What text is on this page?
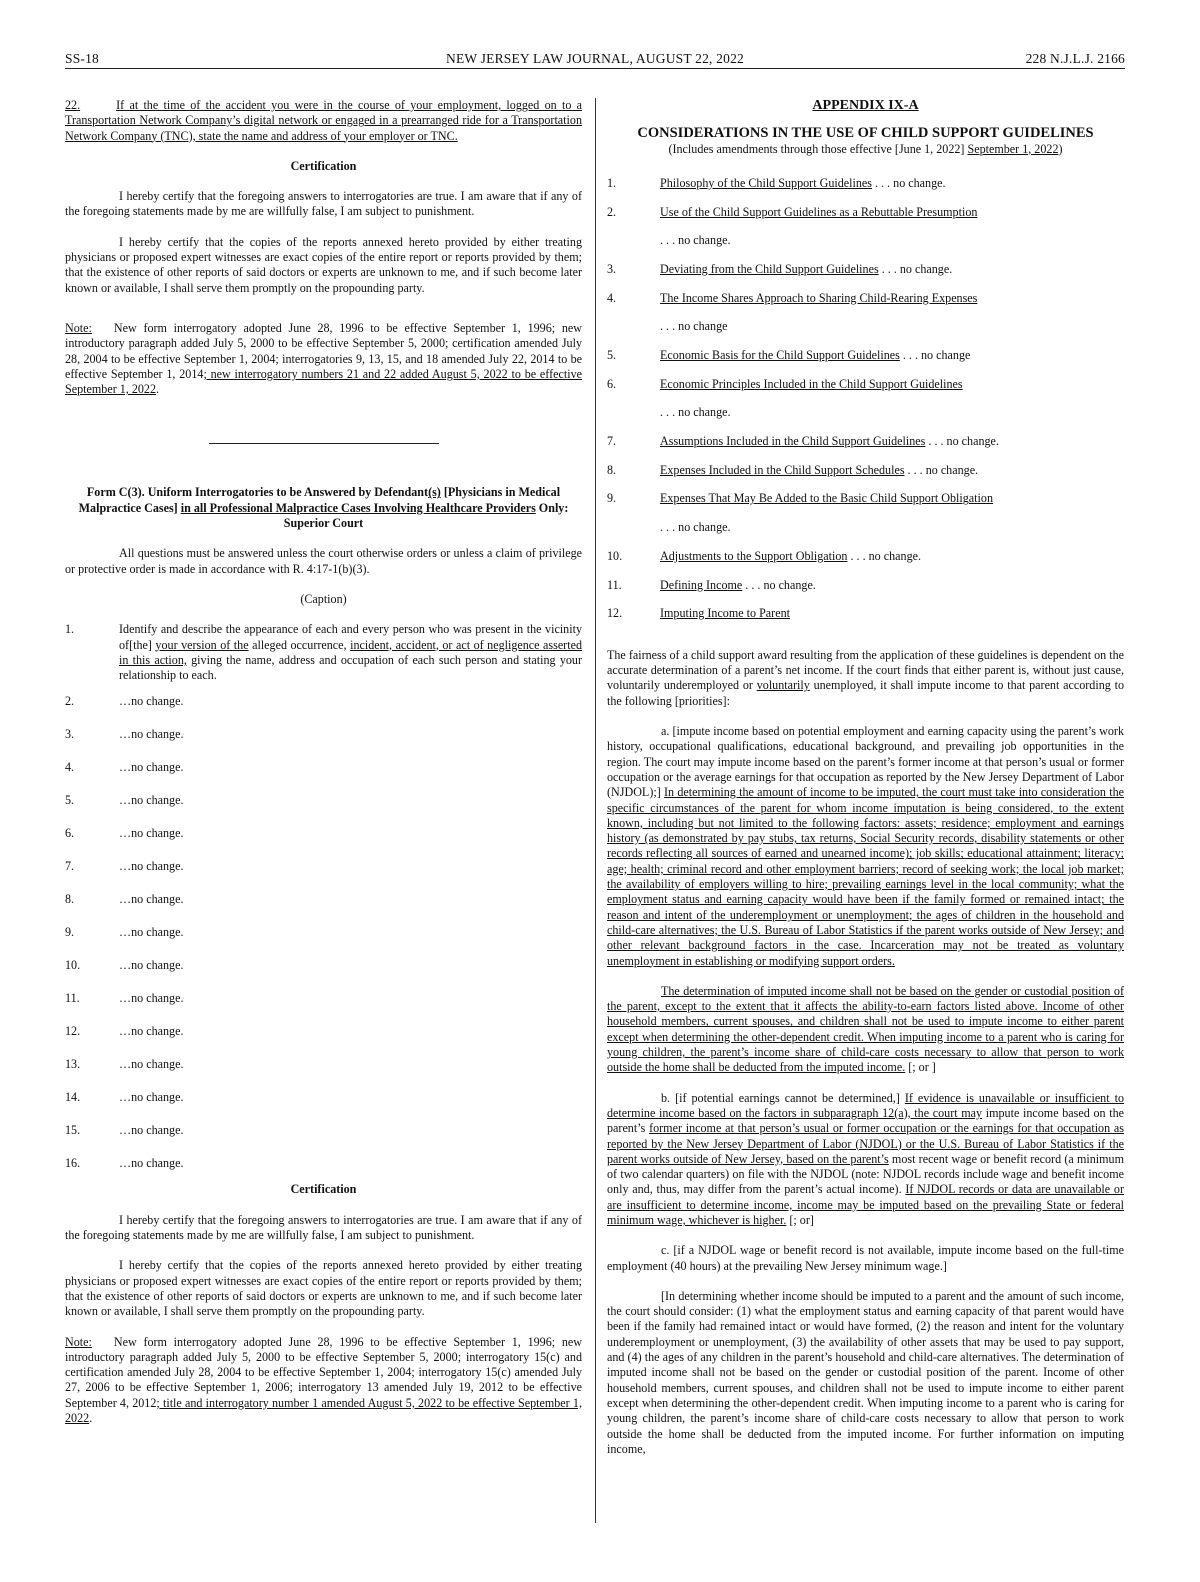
SS-18	NEW JERSEY LAW JOURNAL, AUGUST 22, 2022	228 N.J.L.J. 2166

22.	If at the time of the accident you were in the course of your employment, logged on to a Transportation Network Company’s digital network or engaged in a prearranged ride for a Transportation Network Company (TNC), state the name and address of your employer or TNC.

Certification

I hereby certify that the foregoing answers to interrogatories are true. I am aware that if any of the foregoing statements made by me are willfully false, I am subject to punishment.

I hereby certify that the copies of the reports annexed hereto provided by either treating physicians or proposed expert witnesses are exact copies of the entire report or reports provided by them; that the existence of other reports of said doctors or experts are unknown to me, and if such become later known or available, I shall serve them promptly on the propounding party.

Note: New form interrogatory adopted June 28, 1996 to be effective September 1, 1996; new introductory paragraph added July 5, 2000 to be effective September 5, 2000; certification amended July 28, 2004 to be effective September 1, 2004; interrogatories 9, 13, 15, and 18 amended July 22, 2014 to be effective September 1, 2014; new interrogatory numbers 21 and 22 added August 5, 2022 to be effective September 1, 2022.

Form C(3). Uniform Interrogatories to be Answered by Defendant(s) [Physicians in Medical Malpractice Cases] in all Professional Malpractice Cases Involving Healthcare Providers Only: Superior Court

All questions must be answered unless the court otherwise orders or unless a claim of privilege or protective order is made in accordance with R. 4:17-1(b)(3).

(Caption)

1.	Identify and describe the appearance of each and every person who was present in the vicinity of[the] your version of the alleged occurrence, incident, accident, or act of negligence asserted in this action, giving the name, address and occupation of each such person and stating your relationship to each.
2.	…no change.
3.	…no change.
4.	…no change.
5.	…no change.
6.	…no change.
7.	…no change.
8.	…no change.
9.	…no change.
10.	…no change.
11.	…no change.
12.	…no change.
13.	…no change.
14.	…no change.
15.	…no change.
16.	…no change.

Certification

I hereby certify that the foregoing answers to interrogatories are true. I am aware that if any of the foregoing statements made by me are willfully false, I am subject to punishment.

I hereby certify that the copies of the reports annexed hereto provided by either treating physicians or proposed expert witnesses are exact copies of the entire report or reports provided by them; that the existence of other reports of said doctors or experts are unknown to me, and if such become later known or available, I shall serve them promptly on the propounding party.

Note: New form interrogatory adopted June 28, 1996 to be effective September 1, 1996; new introductory paragraph added July 5, 2000 to be effective September 5, 2000; interrogatory 15(c) and certification amended July 28, 2004 to be effective September 1, 2004; interrogatory 15(c) amended July 27, 2006 to be effective September 1, 2006; interrogatory 13 amended July 19, 2012 to be effective September 4, 2012; title and interrogatory number 1 amended August 5, 2022 to be effective September 1, 2022.

APPENDIX IX-A

CONSIDERATIONS IN THE USE OF CHILD SUPPORT GUIDELINES

(Includes amendments through those effective [June 1, 2022] September 1, 2022)

1.	Philosophy of the Child Support Guidelines . . . no change.
2.	Use of the Child Support Guidelines as a Rebuttable Presumption
. . . no change.
3.	Deviating from the Child Support Guidelines . . . no change.
4.	The Income Shares Approach to Sharing Child-Rearing Expenses
. . . no change
5.	Economic Basis for the Child Support Guidelines . . . no change
6.	Economic Principles Included in the Child Support Guidelines
. . . no change.
7.	Assumptions Included in the Child Support Guidelines . . . no change.
8.	Expenses Included in the Child Support Schedules . . . no change.
9.	Expenses That May Be Added to the Basic Child Support Obligation
. . . no change.
10.	Adjustments to the Support Obligation . . . no change.
11.	Defining Income . . . no change.
12.	Imputing Income to Parent

The fairness of a child support award resulting from the application of these guidelines is dependent on the accurate determination of a parent’s net income. If the court finds that either parent is, without just cause, voluntarily underemployed or voluntarily unemployed, it shall impute income to that parent according to the following [priorities]:

a. [impute income based on potential employment and earning capacity using the parent’s work history, occupational qualifications, educational background, and prevailing job opportunities in the region. The court may impute income based on the parent’s former income at that person’s usual or former occupation or the average earnings for that occupation as reported by the New Jersey Department of Labor (NJDOL);] In determining the amount of income to be imputed, the court must take into consideration the specific circumstances of the parent for whom income imputation is being considered, to the extent known, including but not limited to the following factors: assets; residence; employment and earnings history (as demonstrated by pay stubs, tax returns, Social Security records, disability statements or other records reflecting all sources of earned and unearned income); job skills; educational attainment; literacy; age; health; criminal record and other employment barriers; record of seeking work; the local job market; the availability of employers willing to hire; prevailing earnings level in the local community; what the employment status and earning capacity would have been if the family formed or remained intact; the reason and intent of the underemployment or unemployment; the ages of children in the household and child-care alternatives; the U.S. Bureau of Labor Statistics if the parent works outside of New Jersey; and other relevant background factors in the case. Incarceration may not be treated as voluntary unemployment in establishing or modifying support orders.

The determination of imputed income shall not be based on the gender or custodial position of the parent, except to the extent that it affects the ability-to-earn factors listed above. Income of other household members, current spouses, and children shall not be used to impute income to either parent except when determining the other-dependent credit. When imputing income to a parent who is caring for young children, the parent’s income share of child-care costs necessary to allow that person to work outside the home shall be deducted from the imputed income. [; or ]

b. [if potential earnings cannot be determined,] If evidence is unavailable or insufficient to determine income based on the factors in subparagraph 12(a), the court may impute income based on the parent’s former income at that person’s usual or former occupation or the earnings for that occupation as reported by the New Jersey Department of Labor (NJDOL) or the U.S. Bureau of Labor Statistics if the parent works outside of New Jersey, based on the parent’s most recent wage or benefit record (a minimum of two calendar quarters) on file with the NJDOL (note: NJDOL records include wage and benefit income only and, thus, may differ from the parent’s actual income). If NJDOL records or data are unavailable or are insufficient to determine income, income may be imputed based on the prevailing State or federal minimum wage, whichever is higher. [; or]

c. [if a NJDOL wage or benefit record is not available, impute income based on the full-time employment (40 hours) at the prevailing New Jersey minimum wage.]

[In determining whether income should be imputed to a parent and the amount of such income, the court should consider: (1) what the employment status and earning capacity of that parent would have been if the family had remained intact or would have formed, (2) the reason and intent for the voluntary underemployment or unemployment, (3) the availability of other assets that may be used to pay support, and (4) the ages of any children in the parent’s household and child-care alternatives. The determination of imputed income shall not be based on the gender or custodial position of the parent. Income of other household members, current spouses, and children shall not be used to impute income to either parent except when determining the other-dependent credit. When imputing income to a parent who is caring for young children, the parent’s income share of child-care costs necessary to allow that person to work outside the home shall be deducted from the imputed income. For further information on imputing income,
